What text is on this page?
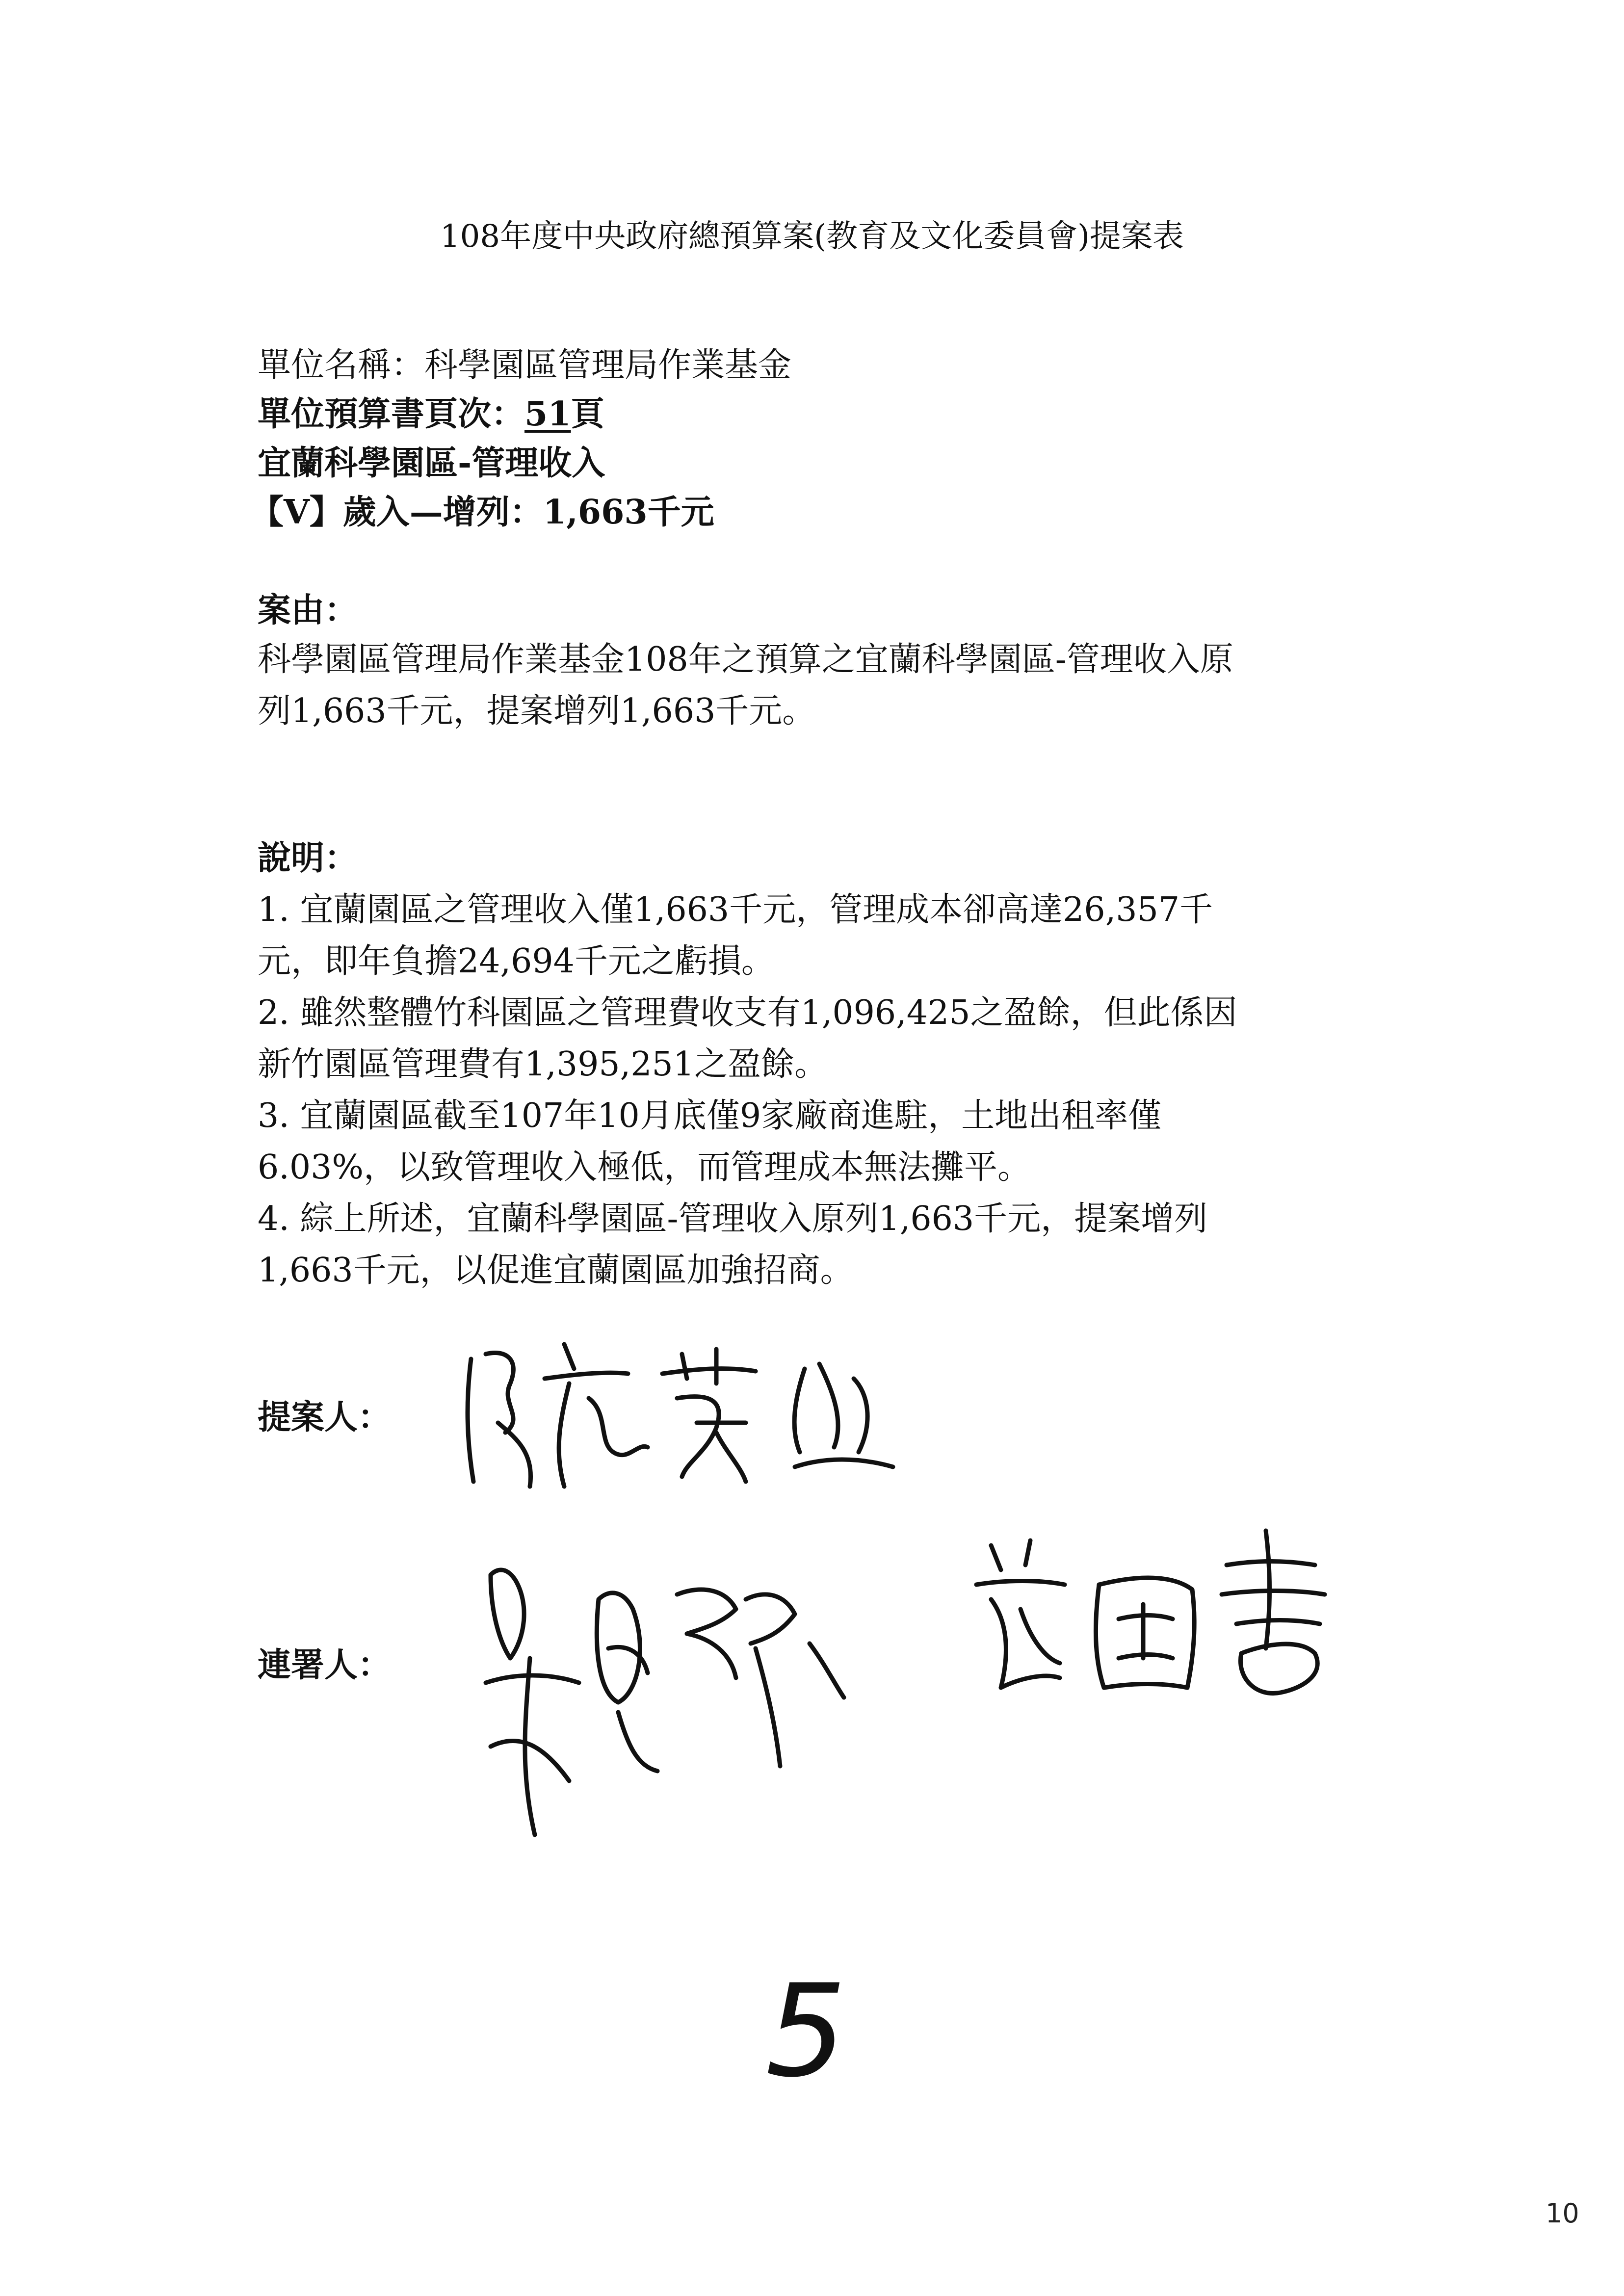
108年度中央政府總預算案(教育及文化委員會)提案表
單位名稱：科學園區管理局作業基金
單位預算書頁次：51頁
宜蘭科學園區-管理收入
【V】歲入—增列：1,663千元
案由：
科學園區管理局作業基金108年之預算之宜蘭科學園區-管理收入原
列1,663千元，提案增列1,663千元。
說明：
1. 宜蘭園區之管理收入僅1,663千元，管理成本卻高達26,357千
元，即年負擔24,694千元之虧損。
2. 雖然整體竹科園區之管理費收支有1,096,425之盈餘，但此係因
新竹園區管理費有1,395,251之盈餘。
3. 宜蘭園區截至107年10月底僅9家廠商進駐，土地出租率僅
6.03%，以致管理收入極低，而管理成本無法攤平。
4. 綜上所述，宜蘭科學園區-管理收入原列1,663千元，提案增列
1,663千元，以促進宜蘭園區加強招商。
提案人：
連署人：
5
10
